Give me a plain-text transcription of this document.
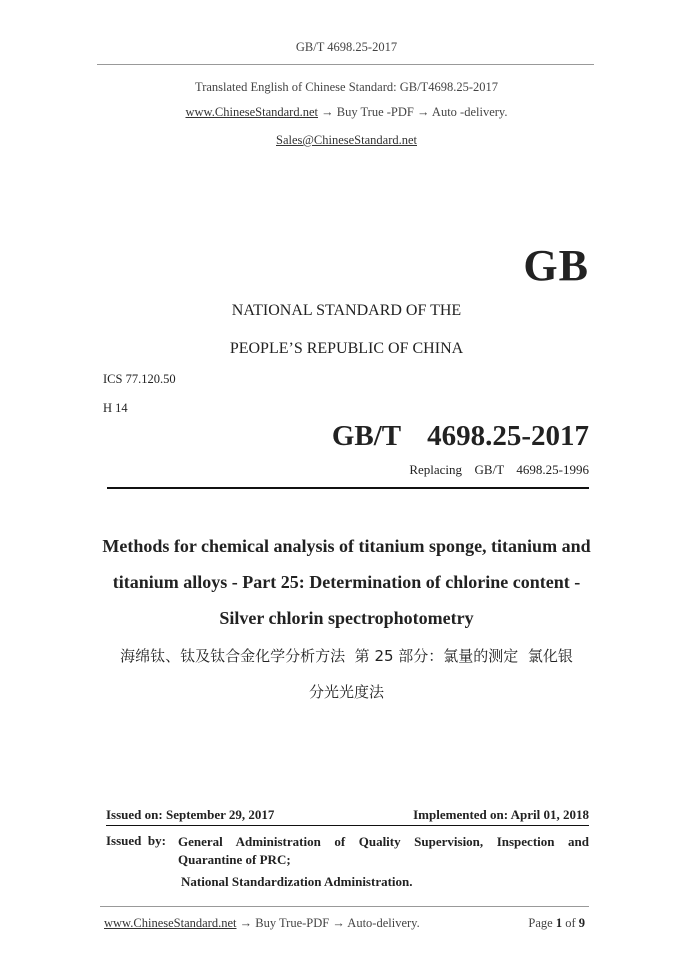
GB/T 4698.25-2017
Translated English of Chinese Standard: GB/T4698.25-2017
www.ChineseStandard.net → Buy True -PDF → Auto -delivery.
Sales@ChineseStandard.net
GB
NATIONAL STANDARD OF THE
PEOPLE’S REPUBLIC OF CHINA
ICS 77.120.50
H 14
GB/T  4698.25-2017
Replacing  GB/T  4698.25-1996
Methods for chemical analysis of titanium sponge, titanium and titanium alloys - Part 25: Determination of chlorine content - Silver chlorin spectrophotometry
海绵钛、钛及钛合金化学分析方法  第 25 部分：氯量的测定  氯化银
分光光度法
Issued on: September 29, 2017	Implemented on: April 01, 2018
Issued  by: General Administration of Quality Supervision, Inspection and Quarantine of PRC;
National Standardization Administration.
www.ChineseStandard.net → Buy True-PDF → Auto-delivery.	Page 1 of 9
